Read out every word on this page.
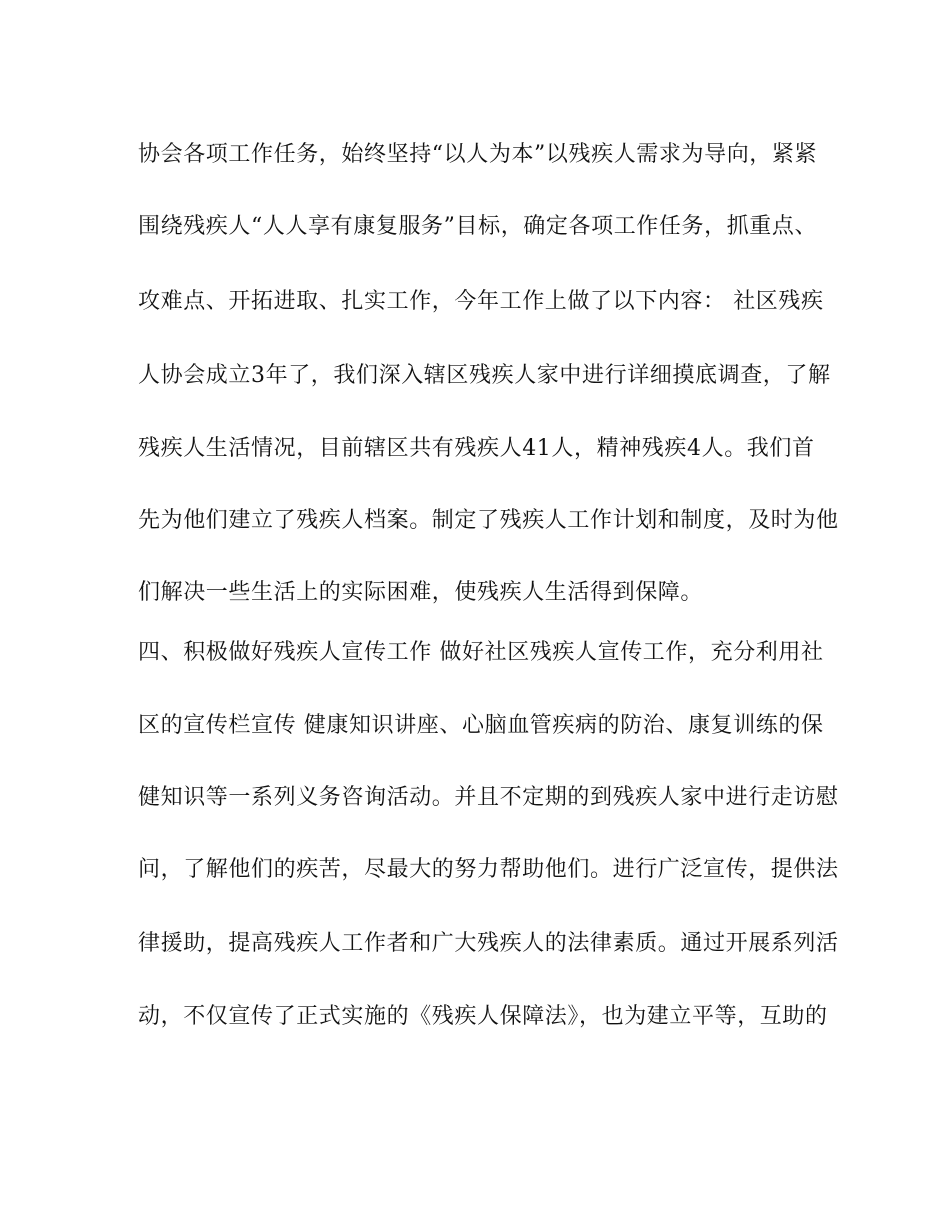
协会各项工作任务，始终坚持“以人为本”以残疾人需求为导向，紧紧
围绕残疾人“人人享有康复服务”目标，确定各项工作任务，抓重点、
攻难点、开拓进取、扎实工作，今年工作上做了以下内容： 社区残疾
人协会成立3年了，我们深入辖区残疾人家中进行详细摸底调查，了解
残疾人生活情况，目前辖区共有残疾人41人，精神残疾4人。我们首
先为他们建立了残疾人档案。制定了残疾人工作计划和制度，及时为他
们解决一些生活上的实际困难，使残疾人生活得到保障。
四、积极做好残疾人宣传工作 做好社区残疾人宣传工作，充分利用社
区的宣传栏宣传 健康知识讲座、心脑血管疾病的防治、康复训练的保
健知识等一系列义务咨询活动。并且不定期的到残疾人家中进行走访慰
问，了解他们的疾苦，尽最大的努力帮助他们。进行广泛宣传，提供法
律援助，提高残疾人工作者和广大残疾人的法律素质。通过开展系列活
动，不仅宣传了正式实施的《残疾人保障法》，也为建立平等，互助的
